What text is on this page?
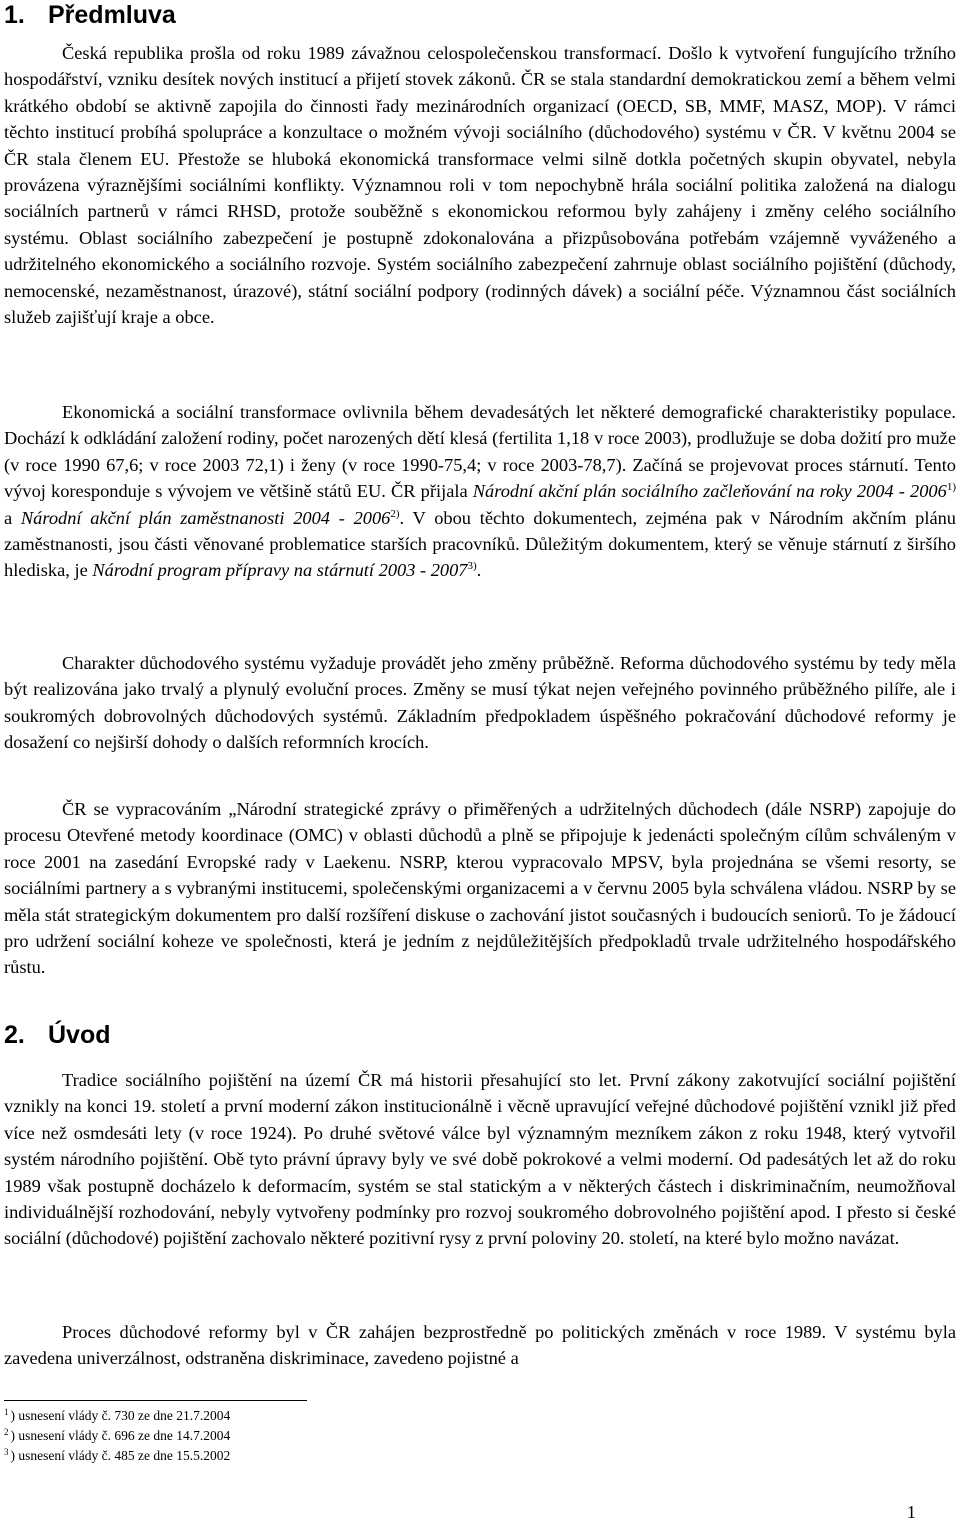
1. Předmluva

Česká republika prošla od roku 1989 závažnou celospolečenskou transformací. Došlo k vytvoření fungujícího tržního hospodářství, vzniku desítek nových institucí a přijetí stovek zákonů. ČR se stala standardní demokratickou zemí a během velmi krátkého období se aktivně zapojila do činnosti řady mezinárodních organizací (OECD, SB, MMF, MASZ, MOP). V rámci těchto institucí probíhá spolupráce a konzultace o možném vývoji sociálního (důchodového) systému v ČR. V květnu 2004 se ČR stala členem EU. Přestože se hluboká ekonomická transformace velmi silně dotkla početných skupin obyvatel, nebyla provázena výraznějšími sociálními konflikty. Významnou roli v tom nepochybně hrála sociální politika založená na dialogu sociálních partnerů v rámci RHSD, protože souběžně s ekonomickou reformou byly zahájeny i změny celého sociálního systému. Oblast sociálního zabezpečení je postupně zdokonalována a přizpůsobována potřebám vzájemně vyváženého a udržitelného ekonomického a sociálního rozvoje. Systém sociálního zabezpečení zahrnuje oblast sociálního pojištění (důchody, nemocenské, nezaměstnanost, úrazové), státní sociální podpory (rodinných dávek) a sociální péče. Významnou část sociálních služeb zajišťují kraje a obce.

Ekonomická a sociální transformace ovlivnila během devadesátých let některé demografické charakteristiky populace. Dochází k odkládání založení rodiny, počet narozených dětí klesá (fertilita 1,18 v roce 2003), prodlužuje se doba dožití pro muže (v roce 1990 67,6; v roce 2003 72,1) i ženy (v roce 1990-75,4; v roce 2003-78,7). Začíná se projevovat proces stárnutí. Tento vývoj koresponduje s vývojem ve většině států EU. ČR přijala Národní akční plán sociálního začleňování na roky 2004 - 2006$^{1)}$ a Národní akční plán zaměstnanosti 2004 - 2006$^{2)}$. V obou těchto dokumentech, zejména pak v Národním akčním plánu zaměstnanosti, jsou části věnované problematice starších pracovníků. Důležitým dokumentem, který se věnuje stárnutí z širšího hlediska, je Národní program přípravy na stárnutí 2003 - 2007$^{3)}$.

Charakter důchodového systému vyžaduje provádět jeho změny průběžně. Reforma důchodového systému by tedy měla být realizována jako trvalý a plynulý evoluční proces. Změny se musí týkat nejen veřejného povinného průběžného pilíře, ale i soukromých dobrovolných důchodových systémů. Základním předpokladem úspěšného pokračování důchodové reformy je dosažení co nejširší dohody o dalších reformních krocích.

ČR se vypracováním „Národní strategické zprávy o přiměřených a udržitelných důchodech (dále NSRP) zapojuje do procesu Otevřené metody koordinace (OMC) v oblasti důchodů a plně se připojuje k jedenácti společným cílům schváleným v roce 2001 na zasedání Evropské rady v Laekenu. NSRP, kterou vypracovalo MPSV, byla projednána se všemi resorty, se sociálními partnery a s vybranými institucemi, společenskými organizacemi a v červnu 2005 byla schválena vládou. NSRP by se měla stát strategickým dokumentem pro další rozšíření diskuse o zachování jistot současných i budoucích seniorů. To je žádoucí pro udržení sociální koheze ve společnosti, která je jedním z nejdůležitějších předpokladů trvale udržitelného hospodářského růstu.

2. Úvod

Tradice sociálního pojištění na území ČR má historii přesahující sto let. První zákony zakotvující sociální pojištění vznikly na konci 19. století a první moderní zákon institucionálně i věcně upravující veřejné důchodové pojištění vznikl již před více než osmdesáti lety (v roce 1924). Po druhé světové válce byl významným mezníkem zákon z roku 1948, který vytvořil systém národního pojištění. Obě tyto právní úpravy byly ve své době pokrokové a velmi moderní. Od padesátých let až do roku 1989 však postupně docházelo k deformacím, systém se stal statickým a v některých částech i diskriminačním, neumožňoval individuálnější rozhodování, nebyly vytvořeny podmínky pro rozvoj soukromého dobrovolného pojištění apod. I přesto si české sociální (důchodové) pojištění zachovalo některé pozitivní rysy z první poloviny 20. století, na které bylo možno navázat.

Proces důchodové reformy byl v ČR zahájen bezprostředně po politických změnách v roce 1989. V systému byla zavedena univerzálnost, odstraněna diskriminace, zavedeno pojistné a

$^1$ ) usnesení vlády č. 730 ze dne 21.7.2004
$^2$ ) usnesení vlády č. 696 ze dne 14.7.2004
$^3$ ) usnesení vlády č. 485 ze dne 15.5.2002
1
